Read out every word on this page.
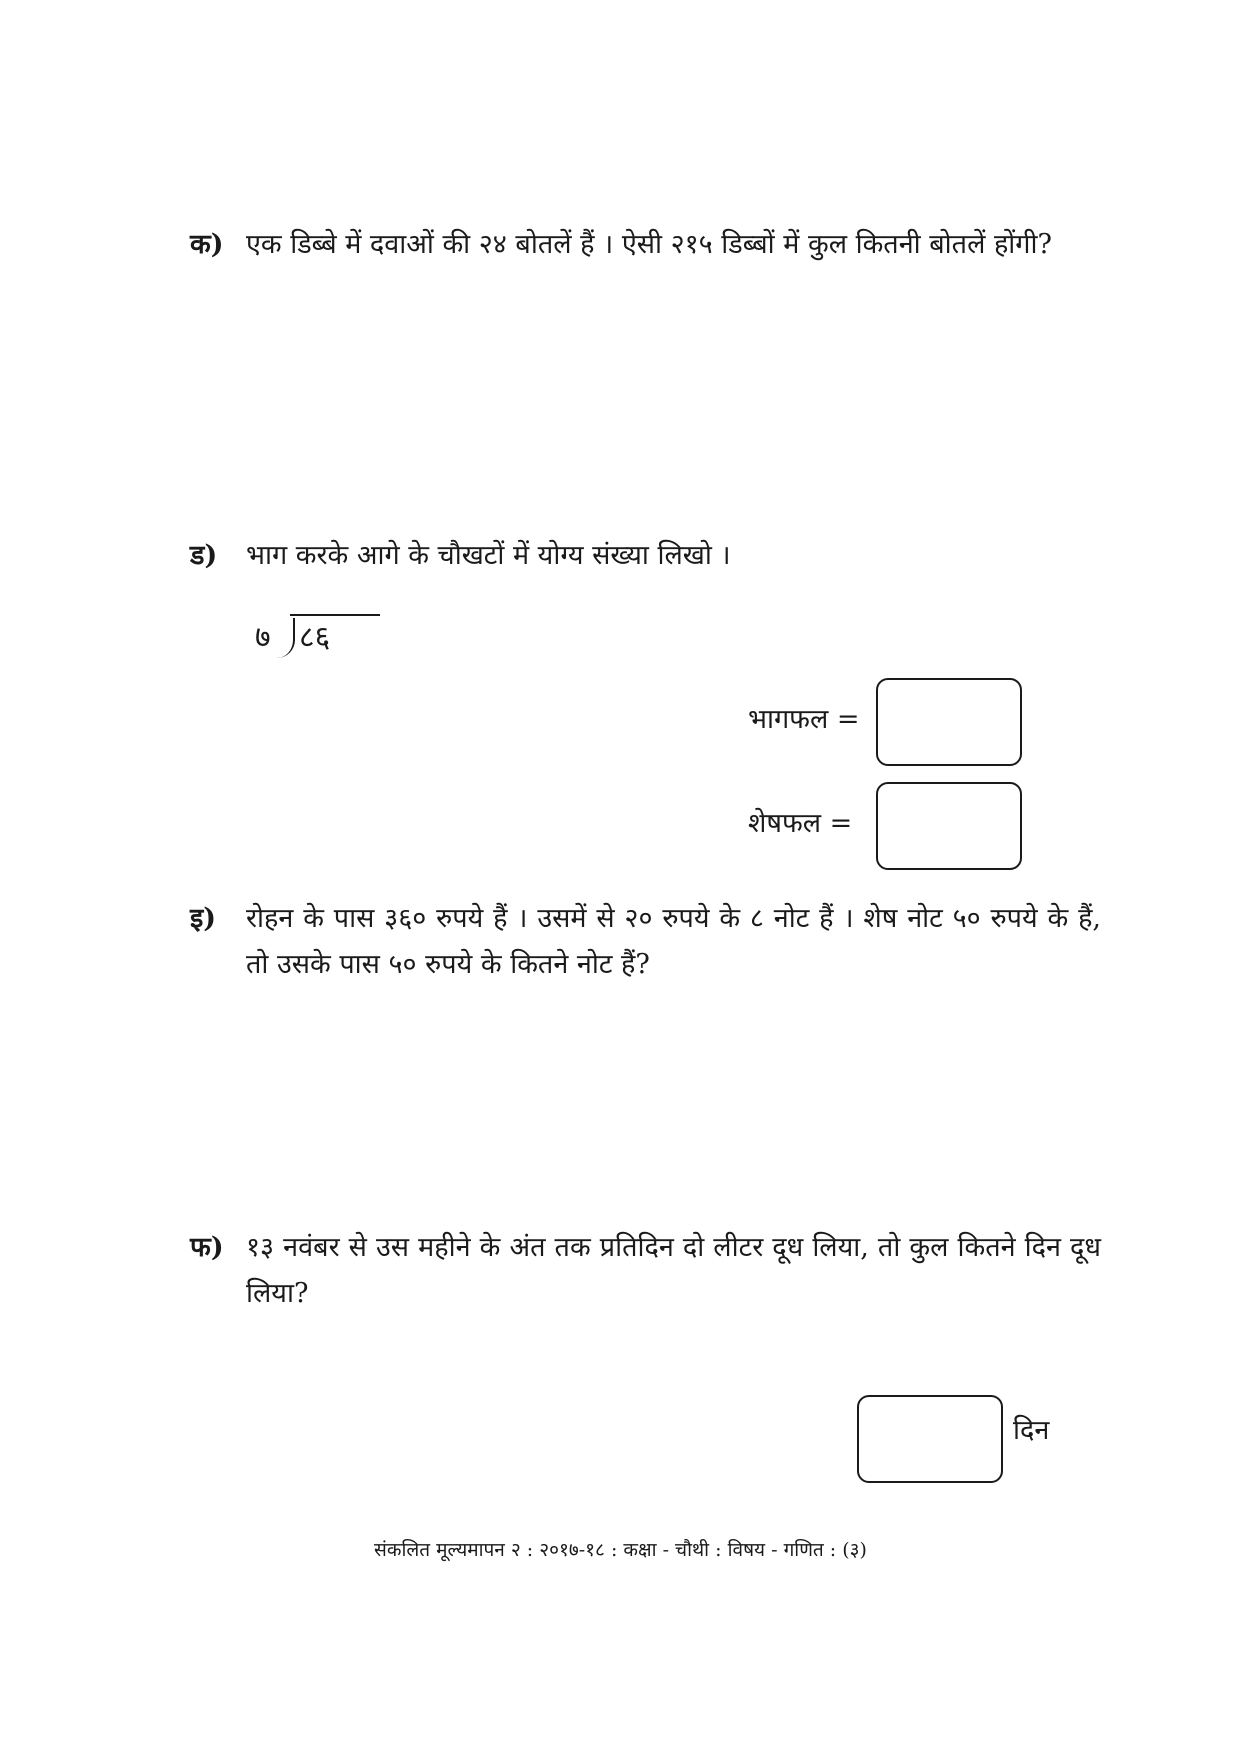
क) एक डिब्बे में दवाओं की २४ बोतलें हैं । ऐसी २१५ डिब्बों में कुल कितनी बोतलें होंगी?
ड)	भाग करके आगे के चौखटों में योग्य संख्या लिखो ।
७ ८६
भागफल =
शेषफल =
इ)	रोहन के पास ३६० रुपये हैं । उसमें से २० रुपये के ८ नोट हैं । शेष नोट ५० रुपये के हैं, तो उसके पास ५० रुपये के कितने नोट हैं?
फ) १३ नवंबर से उस महीने के अंत तक प्रतिदिन दो लीटर दूध लिया, तो कुल कितने दिन दूध लिया?
दिन
संकलित मूल्यमापन २ : २०१७-१८ : कक्षा - चौथी : विषय - गणित : (३)
